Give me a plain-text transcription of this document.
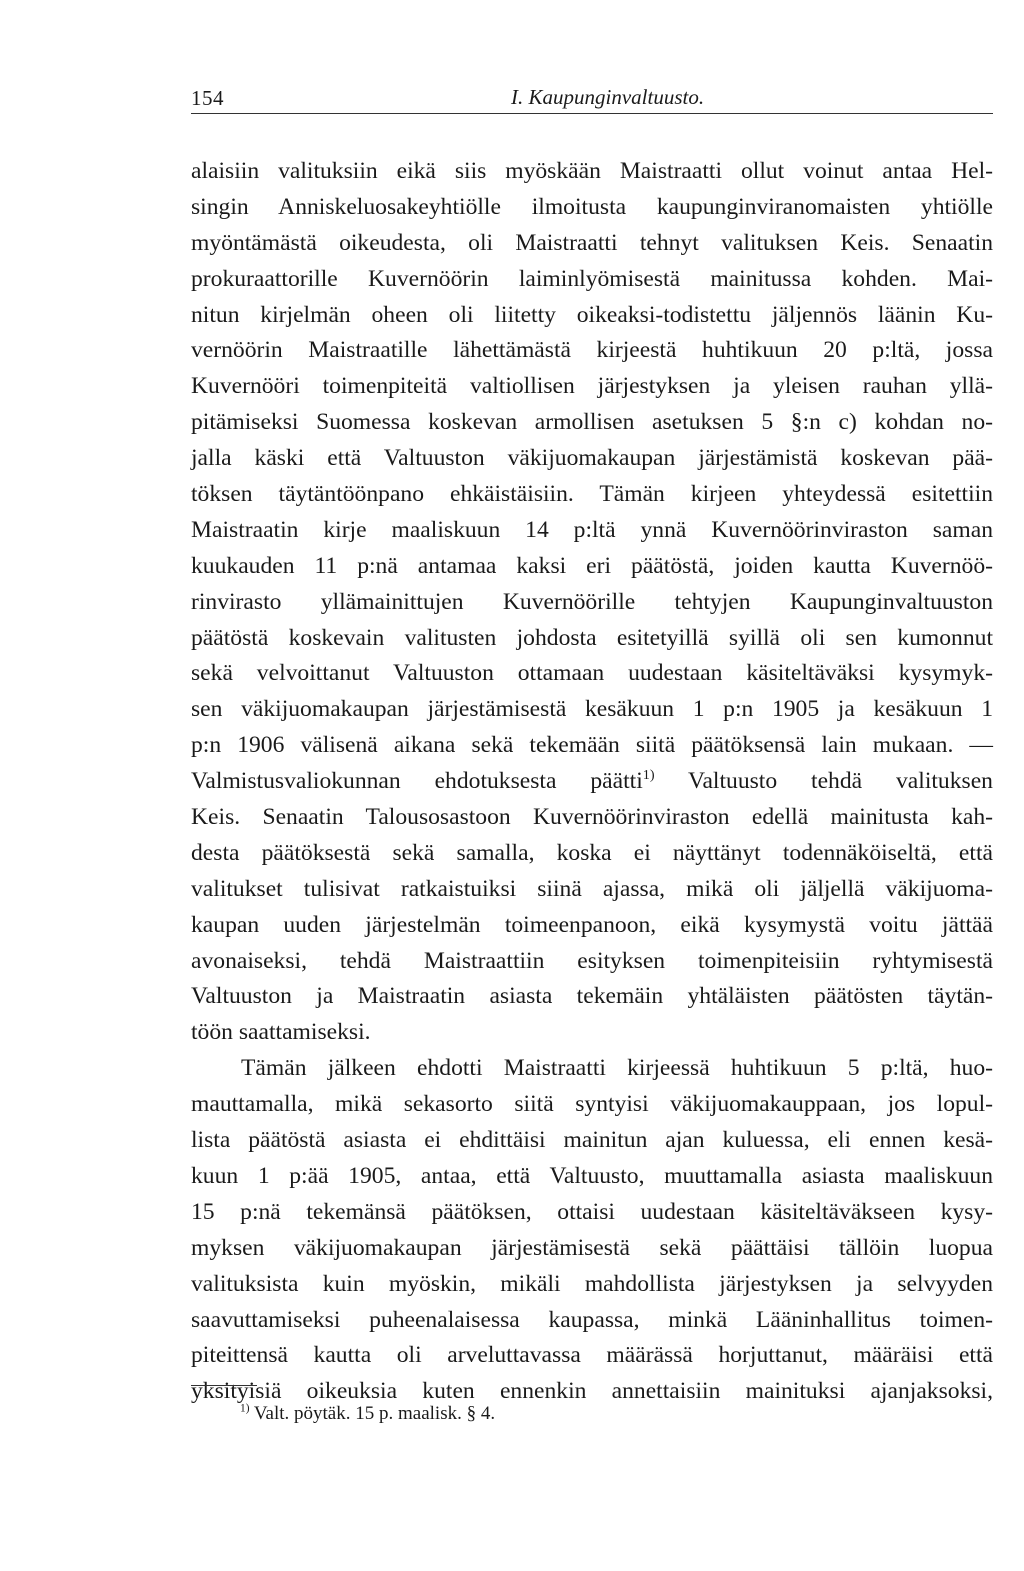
154	I. Kaupunginvaltuusto.
alaisiin valituksiin eikä siis myöskään Maistraatti ollut voinut antaa Hel-
singin Anniskeluosakeyhtiölle ilmoitusta kaupunginviranomaisten yhtiölle
myöntämästä oikeudesta, oli Maistraatti tehnyt valituksen Keis. Senaatin
prokuraattorille Kuvernöörin laiminlyömisestä mainitussa kohden. Mai-
nitun kirjelmän oheen oli liitetty oikeaksi-todistettu jäljennös läänin Ku-
vernöörin Maistraatille lähettämästä kirjeestä huhtikuun 20 p:ltä, jossa
Kuvernööri toimenpiteitä valtiollisen järjestyksen ja yleisen rauhan yllä-
pitämiseksi Suomessa koskevan armollisen asetuksen 5 §:n c) kohdan no-
jalla käski että Valtuuston väkijuomakaupan järjestämistä koskevan pää-
töksen täytäntöönpano ehkäistäisiin. Tämän kirjeen yhteydessä esitettiin
Maistraatin kirje maaliskuun 14 p:ltä ynnä Kuvernöörinviraston saman
kuukauden 11 p:nä antamaa kaksi eri päätöstä, joiden kautta Kuvernöö-
rinvirasto yllämainittujen Kuvernöörille tehtyjen Kaupunginvaltuuston
päätöstä koskevain valitusten johdosta esitetyillä syillä oli sen kumonnut
sekä velvoittanut Valtuuston ottamaan uudestaan käsiteltäväksi kysymyk-
sen väkijuomakaupan järjestämisestä kesäkuun 1 p:n 1905 ja kesäkuun 1
p:n 1906 välisenä aikana sekä tekemään siitä päätöksensä lain mukaan. —
Valmistusvaliokunnan ehdotuksesta päätti$^{1)}$ Valtuusto tehdä valituksen
Keis. Senaatin Talousosastoon Kuvernöörinviraston edellä mainitusta kah-
desta päätöksestä sekä samalla, koska ei näyttänyt todennäköiseltä, että
valitukset tulisivat ratkaistuiksi siinä ajassa, mikä oli jäljellä väkijuoma-
kaupan uuden järjestelmän toimeenpanoon, eikä kysymystä voitu jättää
avonaiseksi, tehdä Maistraattiin esityksen toimenpiteisiin ryhtymisestä
Valtuuston ja Maistraatin asiasta tekemäin yhtäläisten päätösten täytän-
töön saattamiseksi.
Tämän jälkeen ehdotti Maistraatti kirjeessä huhtikuun 5 p:ltä, huo-
mauttamalla, mikä sekasorto siitä syntyisi väkijuomakauppaan, jos lopul-
lista päätöstä asiasta ei ehdittäisi mainitun ajan kuluessa, eli ennen kesä-
kuun 1 p:ää 1905, antaa, että Valtuusto, muuttamalla asiasta maaliskuun
15 p:nä tekemänsä päätöksen, ottaisi uudestaan käsiteltäväkseen kysy-
myksen väkijuomakaupan järjestämisestä sekä päättäisi tällöin luopua
valituksista kuin myöskin, mikäli mahdollista järjestyksen ja selvyyden
saavuttamiseksi puheenalaisessa kaupassa, minkä Lääninhallitus toimen-
piteittensä kautta oli arveluttavassa määrässä horjuttanut, määräisi että
yksityisiä oikeuksia kuten ennenkin annettaisiin mainituksi ajanjaksoksi,
$^{1)}$ Valt. pöytäk. 15 p. maalisk. § 4.
